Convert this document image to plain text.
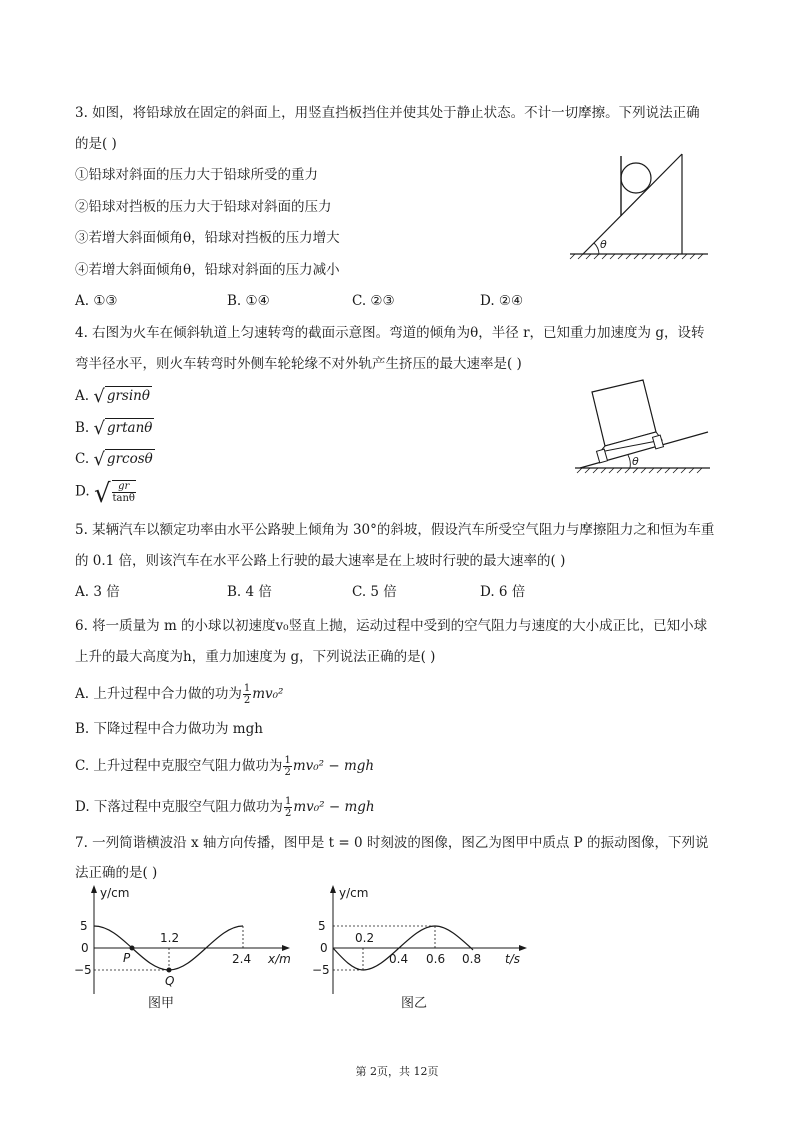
3. 如图，将铅球放在固定的斜面上，用竖直挡板挡住并使其处于静止状态。不计一切摩擦。下列说法正确
的是( )
①铅球对斜面的压力大于铅球所受的重力
②铅球对挡板的压力大于铅球对斜面的压力
③若增大斜面倾角θ，铅球对挡板的压力增大
④若增大斜面倾角θ，铅球对斜面的压力减小
A. ①③	B. ①④	C. ②③	D. ②④
θ
4. 右图为火车在倾斜轨道上匀速转弯的截面示意图。弯道的倾角为θ，半径 r，已知重力加速度为 g，设转
弯半径水平，则火车转弯时外侧车轮轮缘不对外轨产生挤压的最大速率是( )
A. √ grsinθ
B. √ grtanθ
C. √ grcosθ
D. √ $\frac{gr}{\tan\theta}$
θ
5. 某辆汽车以额定功率由水平公路驶上倾角为 30°的斜坡，假设汽车所受空气阻力与摩擦阻力之和恒为车重
的 0.1 倍，则该汽车在水平公路上行驶的最大速率是在上坡时行驶的最大速率的( )
A. 3 倍	B. 4 倍	C. 5 倍	D. 6 倍
6. 将一质量为 m 的小球以初速度v₀竖直上抛，运动过程中受到的空气阻力与速度的大小成正比，已知小球
上升的最大高度为h，重力加速度为 g，下列说法正确的是( )
A. 上升过程中合力做的功为 $\frac{1}{2} mv_0^2$
B. 下降过程中合力做功为 mgh
C. 上升过程中克服空气阻力做功为 $\frac{1}{2} mv_0^2$ − mgh
D. 下落过程中克服空气阻力做功为 $\frac{1}{2} mv_0^2$ − mgh
7. 一列简谐横波沿 x 轴方向传播，图甲是 t = 0 时刻波的图像，图乙为图甲中质点 P 的振动图像，下列说
法正确的是( )
y/cm
5
0
−5
1.2
2.4 x/m
P
Q
图甲
y/cm
5
0
−5
0.2
0.4 0.6 0.8 t/s
图乙
第 2页，共 12页
